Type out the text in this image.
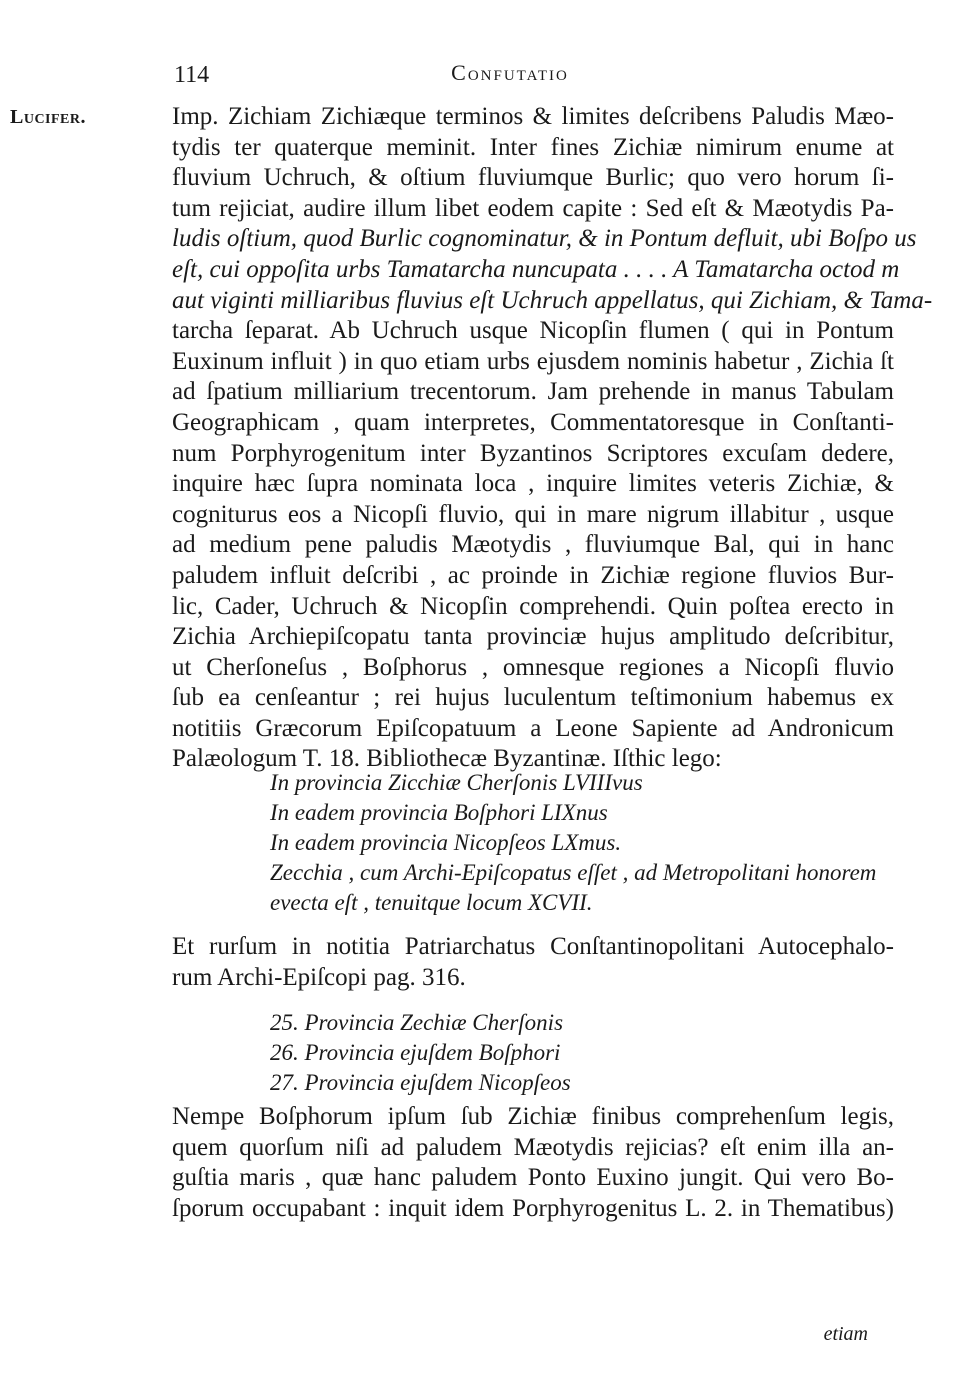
114	Confutatio
Lucifer.	Imp. Zichiam Zichiæque terminos & limites deſcribens Paludis Mæo-
tydis ter quaterque meminit. Inter fines Zichiæ nimirum enume at
fluvium Uchruch, & oſtium fluviumque Burlic; quo vero horum ſi-
tum rejiciat, audire illum libet eodem capite : Sed eſt & Mæotydis Pa-
ludis oſtium, quod Burlic cognominatur, & in Pontum defluit, ubi Boſpo us
eſt, cui oppoſita urbs Tamatarcha nuncupata . . . . A Tamatarcha octod m
aut viginti milliaribus fluvius eſt Uchruch appellatus, qui Zichiam, & Tama-
tarcha ſeparat. Ab Uchruch usque Nicopſin flumen ( qui in Pontum
Euxinum influit ) in quo etiam urbs ejusdem nominis habetur , Zichia ſt
ad ſpatium milliarium trecentorum. Jam prehende in manus Tabulam
Geographicam , quam interpretes, Commentatoresque in Conſtanti-
num Porphyrogenitum inter Byzantinos Scriptores excuſam dedere,
inquire hæc ſupra nominata loca , inquire limites veteris Zichiæ, &
cogniturus eos a Nicopſi fluvio, qui in mare nigrum illabitur , usque
ad medium pene paludis Mæotydis , fluviumque Bal, qui in hanc
paludem influit deſcribi , ac proinde in Zichiæ regione fluvios Bur-
lic, Cader, Uchruch & Nicopſin comprehendi. Quin poſtea erecto in
Zichia Archiepiſcopatu tanta provinciæ hujus amplitudo deſcribitur,
ut Cherſoneſus , Boſphorus , omnesque regiones a Nicopſi fluvio
ſub ea cenſeantur ; rei hujus luculentum teſtimonium habemus ex
notitiis Græcorum Epiſcopatuum a Leone Sapiente ad Andronicum
Palæologum T. 18. Bibliothecæ Byzantinæ. Iſthic lego:
In provincia Zicchiæ Cherſonis LVIIIvus
In eadem provincia Boſphori LIXnus
In eadem provincia Nicopſeos LXmus.
Zecchia , cum Archi-Epiſcopatus eſſet , ad Metropolitani honorem
evecta eſt , tenuitque locum XCVII.
Et rurſum in notitia Patriarchatus Conſtantinopolitani Autocephalo-
rum Archi-Epiſcopi pag. 316.
25. Provincia Zechiæ Cherſonis
26. Provincia ejuſdem Boſphori
27. Provincia ejuſdem Nicopſeos
Nempe Boſphorum ipſum ſub Zichiæ finibus comprehenſum legis,
quem quorſum niſi ad paludem Mæotydis rejicias? eſt enim illa an-
guſtia maris , quæ hanc paludem Ponto Euxino jungit. Qui vero Bo-
ſporum occupabant : inquit idem Porphyrogenitus L. 2. in Thematibus)
etiam
